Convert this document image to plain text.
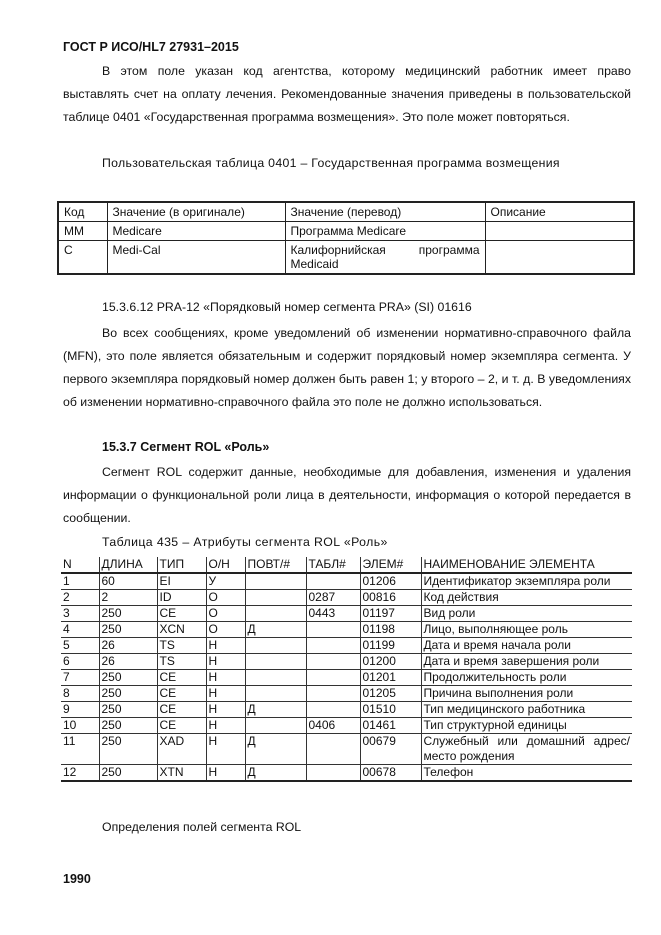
ГОСТ Р ИСО/HL7 27931–2015
В этом поле указан код агентства, которому медицинский работник имеет право выставлять счет на оплату лечения. Рекомендованные значения приведены в пользовательской таблице 0401 «Государственная программа возмещения». Это поле может повторяться.
Пользовательская таблица 0401 – Государственная программа возмещения
Код	Значение (в оригинале)	Значение (перевод)	Описание
MM	Medicare	Программа Medicare	
C	Medi-Cal	Калифорнийская программа Medicaid	
15.3.6.12 PRA-12 «Порядковый номер сегмента PRA» (SI) 01616
Во всех сообщениях, кроме уведомлений об изменении нормативно-справочного файла (MFN), это поле является обязательным и содержит порядковый номер экземпляра сегмента. У первого экземпляра порядковый номер должен быть равен 1; у второго – 2, и т. д. В уведомлениях об изменении нормативно-справочного файла это поле не должно использоваться.
15.3.7 Сегмент ROL «Роль»
Сегмент ROL содержит данные, необходимые для добавления, изменения и удаления информации о функциональной роли лица в деятельности, информация о которой передается в сообщении.
Таблица 435 – Атрибуты сегмента ROL «Роль»
N	ДЛИНА	ТИП	О/Н	ПОВТ/#	ТАБЛ#	ЭЛЕМ#	НАИМЕНОВАНИЕ ЭЛЕМЕНТА
1	60	EI	У			01206	Идентификатор экземпляра роли
2	2	ID	О		0287	00816	Код действия
3	250	CE	О		0443	01197	Вид роли
4	250	XCN	О	Д		01198	Лицо, выполняющее роль
5	26	TS	Н			01199	Дата и время начала роли
6	26	TS	Н			01200	Дата и время завершения роли
7	250	CE	Н			01201	Продолжительность роли
8	250	CE	Н			01205	Причина выполнения роли
9	250	CE	Н	Д		01510	Тип медицинского работника
10	250	CE	Н		0406	01461	Тип структурной единицы
11	250	XAD	Н	Д		00679	Служебный или домашний адрес/место рождения
12	250	XTN	Н	Д		00678	Телефон
Определения полей сегмента ROL
1990
